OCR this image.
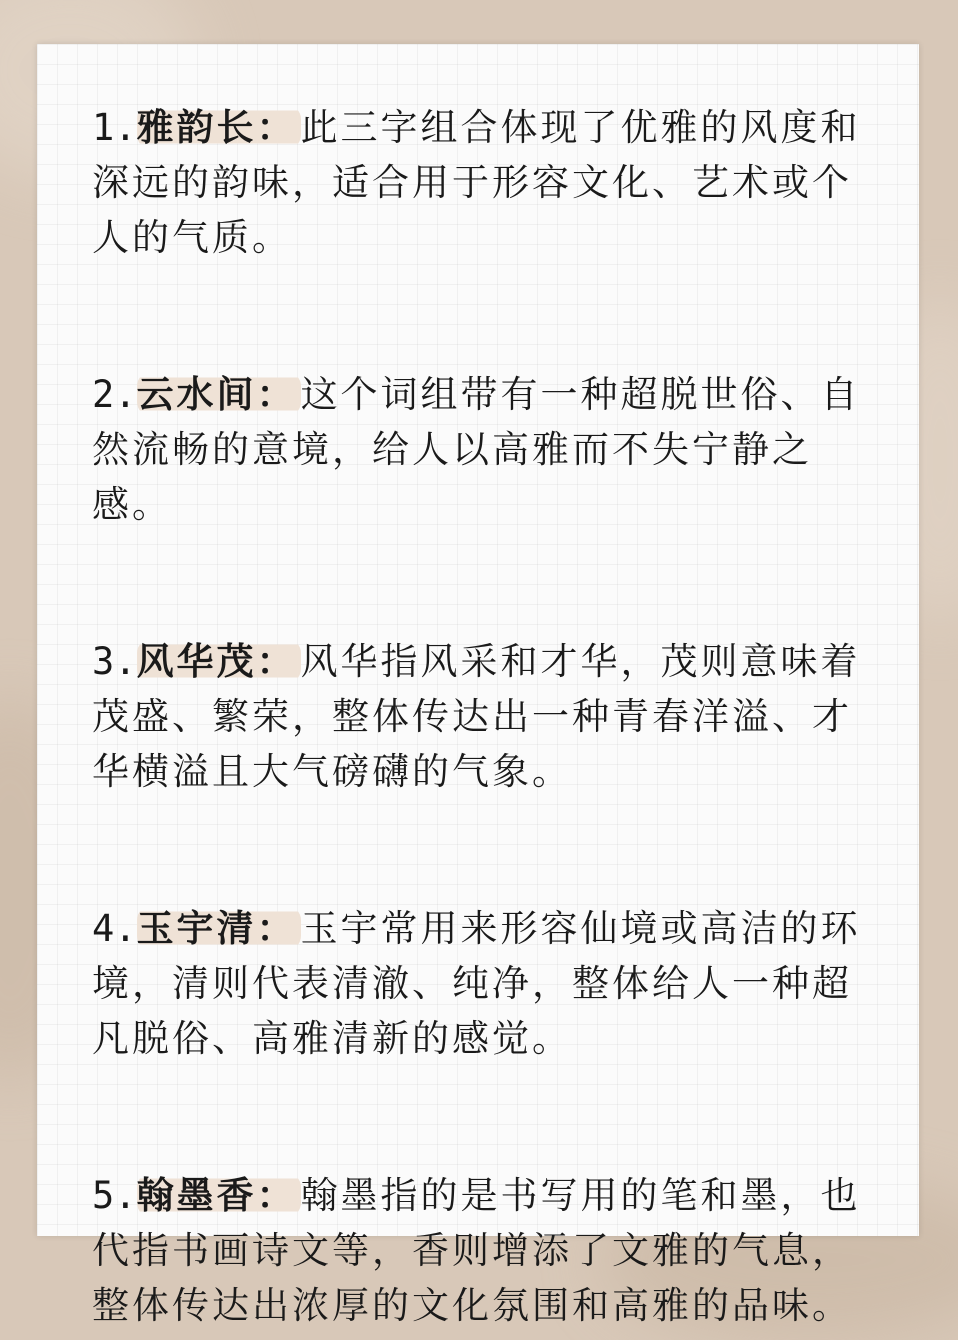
1.雅韵长： 此三字组合体现了优雅的风度和深远的韵味，适合用于形容文化、艺术或个人的气质。

2.云水间： 这个词组带有一种超脱世俗、自然流畅的意境，给人以高雅而不失宁静之感。

3.风华茂： 风华指风采和才华，茂则意味着茂盛、繁荣，整体传达出一种青春洋溢、才华横溢且大气磅礴的气象。

4.玉宇清： 玉宇常用来形容仙境或高洁的环境，清则代表清澈、纯净，整体给人一种超凡脱俗、高雅清新的感觉。

5.翰墨香： 翰墨指的是书写用的笔和墨，也代指书画诗文等，香则增添了文雅的气息，整体传达出浓厚的文化氛围和高雅的品味。
